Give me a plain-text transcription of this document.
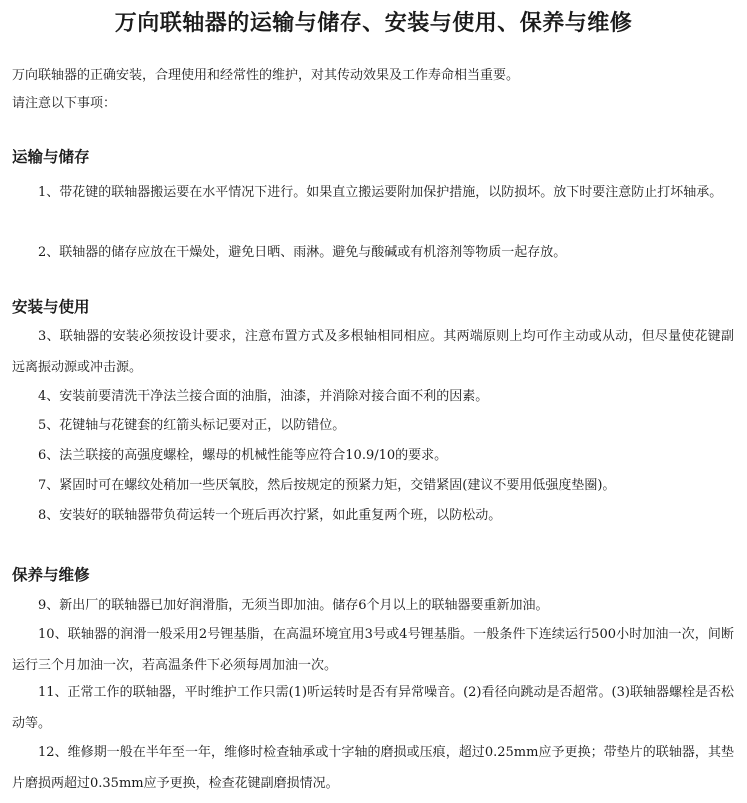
万向联轴器的运输与储存、安装与使用、保养与维修

万向联轴器的正确安装，合理使用和经常性的维护，对其传动效果及工作寿命相当重要。

请注意以下事项：

运输与储存

1、带花键的联轴器搬运要在水平情况下进行。如果直立搬运要附加保护措施，以防损坏。放下时要注意防止打坏轴承。

2、联轴器的储存应放在干燥处，避免日晒、雨淋。避免与酸碱或有机溶剂等物质一起存放。

安装与使用

3、联轴器的安装必须按设计要求，注意布置方式及多根轴相同相应。其两端原则上均可作主动或从动，但尽量使花键副远离振动源或冲击源。

4、安装前要清洗干净法兰接合面的油脂，油漆，并消除对接合面不利的因素。

5、花键轴与花键套的红箭头标记要对正，以防错位。

6、法兰联接的高强度螺栓，螺母的机械性能等应符合10.9/10的要求。

7、紧固时可在螺纹处稍加一些厌氧胶，然后按规定的预紧力矩，交错紧固(建议不要用低强度垫圈)。

8、安装好的联轴器带负荷运转一个班后再次拧紧，如此重复两个班，以防松动。

保养与维修

9、新出厂的联轴器已加好润滑脂，无须当即加油。储存6个月以上的联轴器要重新加油。

10、联轴器的润滑一般采用2号锂基脂，在高温环境宜用3号或4号锂基脂。一般条件下连续运行500小时加油一次，间断运行三个月加油一次，若高温条件下必须每周加油一次。

11、正常工作的联轴器，平时维护工作只需(1)听运转时是否有异常噪音。(2)看径向跳动是否超常。(3)联轴器螺栓是否松动等。

12、维修期一般在半年至一年，维修时检查轴承或十字轴的磨损或压痕，超过0.25mm应予更换；带垫片的联轴器，其垫片磨损两超过0.35mm应予更换，检查花键副磨损情况。
